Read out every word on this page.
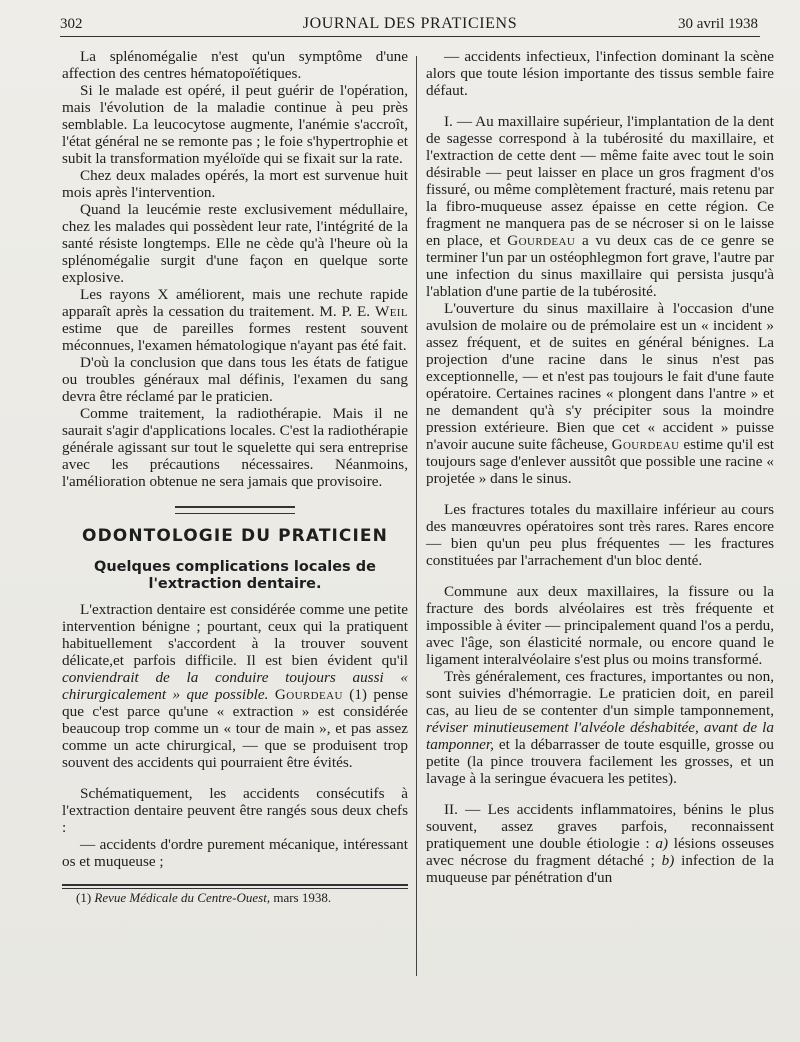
302	JOURNAL DES PRATICIENS	30 avril 1938

La splénomégalie n'est qu'un symptôme d'une affection des centres hématopoïétiques.

Si le malade est opéré, il peut guérir de l'opération, mais l'évolution de la maladie continue à peu près semblable. La leucocytose augmente, l'anémie s'accroît, l'état général ne se remonte pas ; le foie s'hypertrophie et subit la transformation myéloïde qui se fixait sur la rate.

Chez deux malades opérés, la mort est survenue huit mois après l'intervention.

Quand la leucémie reste exclusivement médullaire, chez les malades qui possèdent leur rate, l'intégrité de la santé résiste longtemps. Elle ne cède qu'à l'heure où la splénomégalie surgit d'une façon en quelque sorte explosive.

Les rayons X améliorent, mais une rechute rapide apparaît après la cessation du traitement. M. P. E. Weil estime que de pareilles formes restent souvent méconnues, l'examen hématologique n'ayant pas été fait.

D'où la conclusion que dans tous les états de fatigue ou troubles généraux mal définis, l'examen du sang devra être réclamé par le praticien.

Comme traitement, la radiothérapie. Mais il ne saurait s'agir d'applications locales. C'est la radiothérapie générale agissant sur tout le squelette qui sera entreprise avec les précautions nécessaires. Néanmoins, l'amélioration obtenue ne sera jamais que provisoire.

ODONTOLOGIE DU PRATICIEN
Quelques complications locales de l'extraction dentaire.

L'extraction dentaire est considérée comme une petite intervention bénigne ; pourtant, ceux qui la pratiquent habituellement s'accordent à la trouver souvent délicate,et parfois difficile. Il est bien évident qu'il conviendrait de la conduire toujours aussi « chirurgicalement » que possible. Gourdeau (1) pense que c'est parce qu'une « extraction » est considérée beaucoup trop comme un « tour de main », et pas assez comme un acte chirurgical, — que se produisent trop souvent des accidents qui pourraient être évités.

Schématiquement, les accidents consécutifs à l'extraction dentaire peuvent être rangés sous deux chefs :

— accidents d'ordre purement mécanique, intéressant os et muqueuse ;

(1) Revue Médicale du Centre-Ouest, mars 1938.

— accidents infectieux, l'infection dominant la scène alors que toute lésion importante des tissus semble faire défaut.

I. — Au maxillaire supérieur, l'implantation de la dent de sagesse correspond à la tubérosité du maxillaire, et l'extraction de cette dent — même faite avec tout le soin désirable — peut laisser en place un gros fragment d'os fissuré, ou même complètement fracturé, mais retenu par la fibro-muqueuse assez épaisse en cette région. Ce fragment ne manquera pas de se nécroser si on le laisse en place, et Gourdeau a vu deux cas de ce genre se terminer l'un par un ostéophlegmon fort grave, l'autre par une infection du sinus maxillaire qui persista jusqu'à l'ablation d'une partie de la tubérosité.

L'ouverture du sinus maxillaire à l'occasion d'une avulsion de molaire ou de prémolaire est un « incident » assez fréquent, et de suites en général bénignes. La projection d'une racine dans le sinus n'est pas exceptionnelle, — et n'est pas toujours le fait d'une faute opératoire. Certaines racines « plongent dans l'antre » et ne demandent qu'à s'y précipiter sous la moindre pression extérieure. Bien que cet « accident » puisse n'avoir aucune suite fâcheuse, Gourdeau estime qu'il est toujours sage d'enlever aussitôt que possible une racine « projetée » dans le sinus.

Les fractures totales du maxillaire inférieur au cours des manœuvres opératoires sont très rares. Rares encore — bien qu'un peu plus fréquentes — les fractures constituées par l'arrachement d'un bloc denté.

Commune aux deux maxillaires, la fissure ou la fracture des bords alvéolaires est très fréquente et impossible à éviter — principalement quand l'os a perdu, avec l'âge, son élasticité normale, ou encore quand le ligament interalvéolaire s'est plus ou moins transformé.

Très généralement, ces fractures, importantes ou non, sont suivies d'hémorragie. Le praticien doit, en pareil cas, au lieu de se contenter d'un simple tamponnement, réviser minutieusement l'alvéole déshabitée, avant de la tamponner, et la débarrasser de toute esquille, grosse ou petite (la pince trouvera facilement les grosses, et un lavage à la seringue évacuera les petites).

II. — Les accidents inflammatoires, bénins le plus souvent, assez graves parfois, reconnaissent pratiquement une double étiologie : a) lésions osseuses avec nécrose du fragment détaché ; b) infection de la muqueuse par pénétration d'un
